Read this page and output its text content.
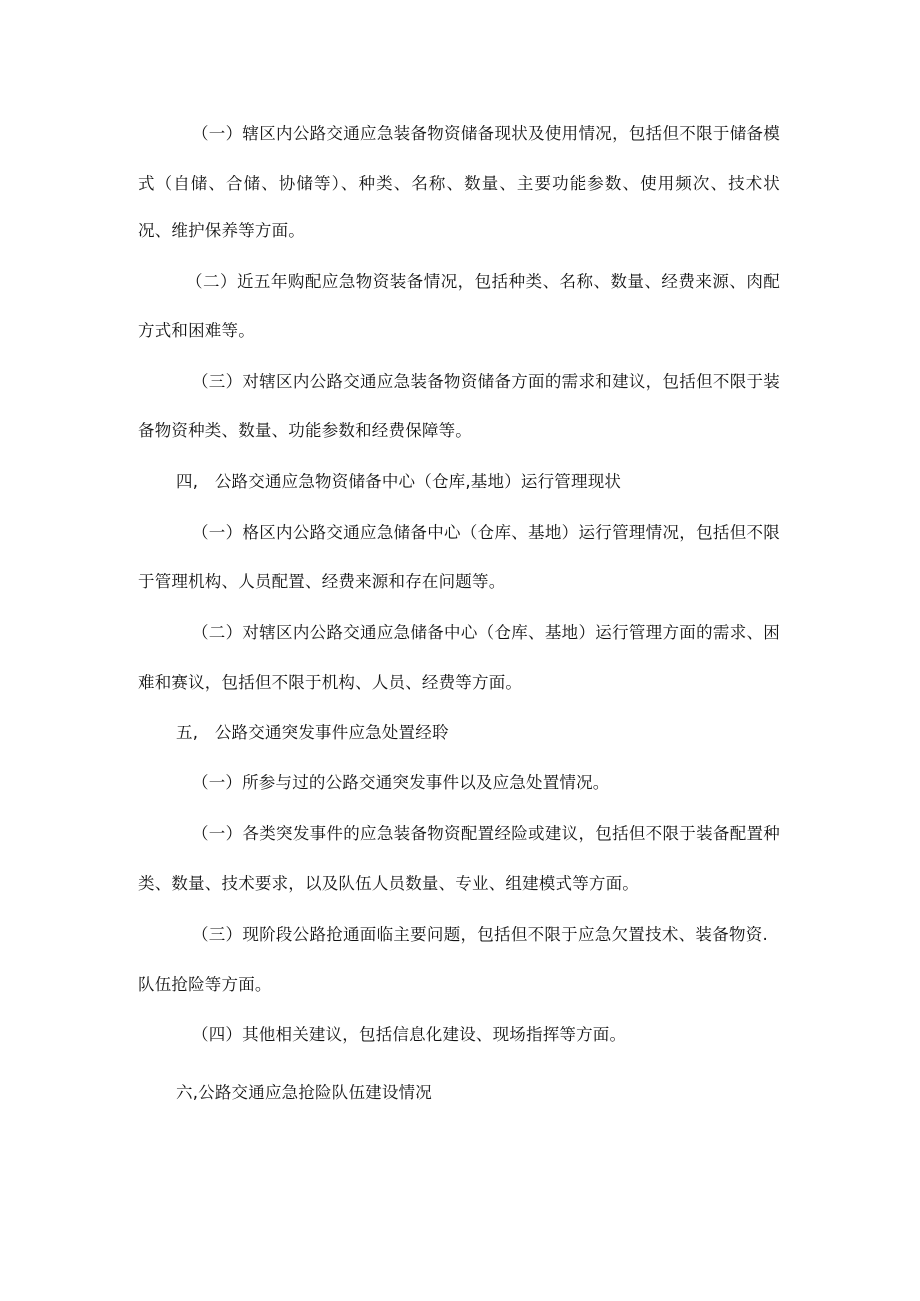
（一）辖区内公路交通应急装备物资储备现状及使用情况，包括但不限于储备模
式（自储、合储、协储等）、种类、名称、数量、主要功能参数、使用频次、技术状
况、维护保养等方面。
（二）近五年购配应急物资装备情况，包括种类、名称、数量、经费来源、肉配
方式和困难等。
（三）对辖区内公路交通应急装备物资储备方面的需求和建议，包括但不限于装
备物资种类、数量、功能参数和经费保障等。
四,　公路交通应急物资储备中心（仓库,基地）运行管理现状
（一）格区内公路交通应急储备中心（仓库、基地）运行管理情况，包括但不限
于管理机构、人员配置、经费来源和存在问题等。
（二）对辖区内公路交通应急储备中心（仓库、基地）运行管理方面的需求、困
难和赛议，包括但不限于机构、人员、经费等方面。
五,　公路交通突发事件应急处置经聆
（一）所参与过的公路交通突发事件以及应急处置情况。
（一）各类突发事件的应急装备物资配置经险或建议，包括但不限于装备配置种
类、数量、技术要求，以及队伍人员数量、专业、组建模式等方面。
（三）现阶段公路抢通面临主要问题，包括但不限于应急欠置技术、装备物资.
队伍抢险等方面。
（四）其他相关建议，包括信息化建设、现场指挥等方面。
六,公路交通应急抢险队伍建设情况
